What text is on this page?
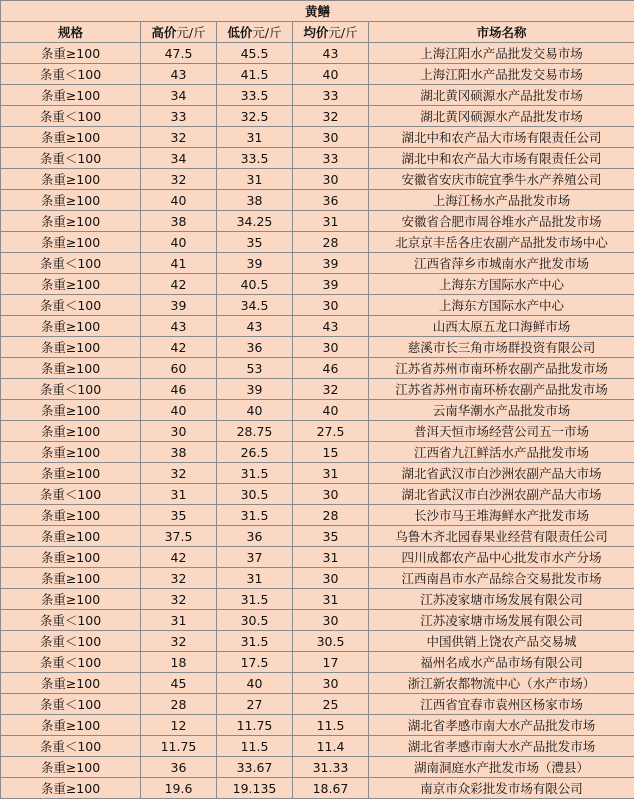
黄鳝				
规格	高价元/斤	低价元/斤	均价元/斤	市场名称
条重≥100	47.5	45.5	43	上海江阳水产品批发交易市场
条重＜100	43	41.5	40	上海江阳水产品批发交易市场
条重≥100	34	33.5	33	湖北黄冈硕源水产品批发市场
条重＜100	33	32.5	32	湖北黄冈硕源水产品批发市场
条重≥100	32	31	30	湖北中和农产品大市场有限责任公司
条重＜100	34	33.5	33	湖北中和农产品大市场有限责任公司
条重≥100	32	31	30	安徽省安庆市皖宜季牛水产养殖公司
条重≥100	40	38	36	上海江杨水产品批发市场
条重≥100	38	34.25	31	安徽省合肥市周谷堆水产品批发市场
条重≥100	40	35	28	北京京丰岳各庄农副产品批发市场中心
条重＜100	41	39	39	江西省萍乡市城南水产批发市场
条重≥100	42	40.5	39	上海东方国际水产中心
条重＜100	39	34.5	30	上海东方国际水产中心
条重≥100	43	43	43	山西太原五龙口海鲜市场
条重≥100	42	36	30	慈溪市长三角市场群投资有限公司
条重≥100	60	53	46	江苏省苏州市南环桥农副产品批发市场
条重＜100	46	39	32	江苏省苏州市南环桥农副产品批发市场
条重≥100	40	40	40	云南华潮水产品批发市场
条重≥100	30	28.75	27.5	普洱天恒市场经营公司五一市场
条重≥100	38	26.5	15	江西省九江鲜活水产品批发市场
条重≥100	32	31.5	31	湖北省武汉市白沙洲农副产品大市场
条重＜100	31	30.5	30	湖北省武汉市白沙洲农副产品大市场
条重≥100	35	31.5	28	长沙市马王堆海鲜水产批发市场
条重≥100	37.5	36	35	乌鲁木齐北园春果业经营有限责任公司
条重≥100	42	37	31	四川成都农产品中心批发市水产分场
条重≥100	32	31	30	江西南昌市水产品综合交易批发市场
条重≥100	32	31.5	31	江苏凌家塘市场发展有限公司
条重＜100	31	30.5	30	江苏凌家塘市场发展有限公司
条重＜100	32	31.5	30.5	中国供销上饶农产品交易城
条重＜100	18	17.5	17	福州名成水产品市场有限公司
条重≥100	45	40	30	浙江新农都物流中心（水产市场）
条重＜100	28	27	25	江西省宜春市袁州区杨家市场
条重≥100	12	11.75	11.5	湖北省孝感市南大水产品批发市场
条重＜100	11.75	11.5	11.4	湖北省孝感市南大水产品批发市场
条重≥100	36	33.67	31.33	湖南洞庭水产批发市场（澧县）
条重≥100	19.6	19.135	18.67	南京市众彩批发市场有限公司
